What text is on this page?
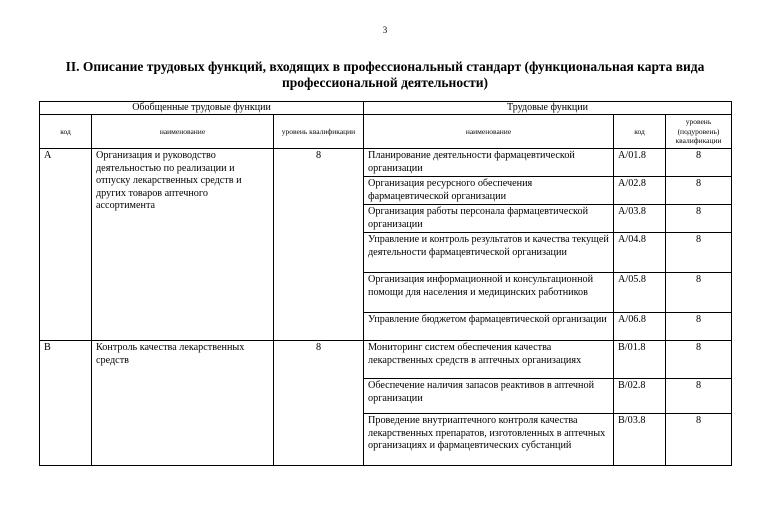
3
II. Описание трудовых функций, входящих в профессиональный стандарт (функциональная карта вида профессиональной деятельности)
Обобщенные трудовые функции			Трудовые функции		
код	наименование	уровень квалификации	наименование	код	уровень (подуровень) квалификации
A	Организация и руководство деятельностью по реализации и отпуску лекарственных средств и других товаров аптечного ассортимента	8	Планирование деятельности фармацевтической организации	A/01.8	8
			Организация ресурсного обеспечения фармацевтической организации	A/02.8	8
			Организация работы персонала фармацевтической организации	A/03.8	8
			Управление и контроль результатов и качества текущей деятельности фармацевтической организации	A/04.8	8
			Организация информационной и консультационной помощи для населения и медицинских работников	A/05.8	8
			Управление бюджетом фармацевтической организации	A/06.8	8
B	Контроль качества лекарственных средств	8	Мониторинг систем обеспечения качества лекарственных средств в аптечных организациях	B/01.8	8
			Обеспечение наличия запасов реактивов в аптечной организации	B/02.8	8
			Проведение внутриаптечного контроля качества лекарственных препаратов, изготовленных в аптечных организациях и фармацевтических субстанций	B/03.8	8
